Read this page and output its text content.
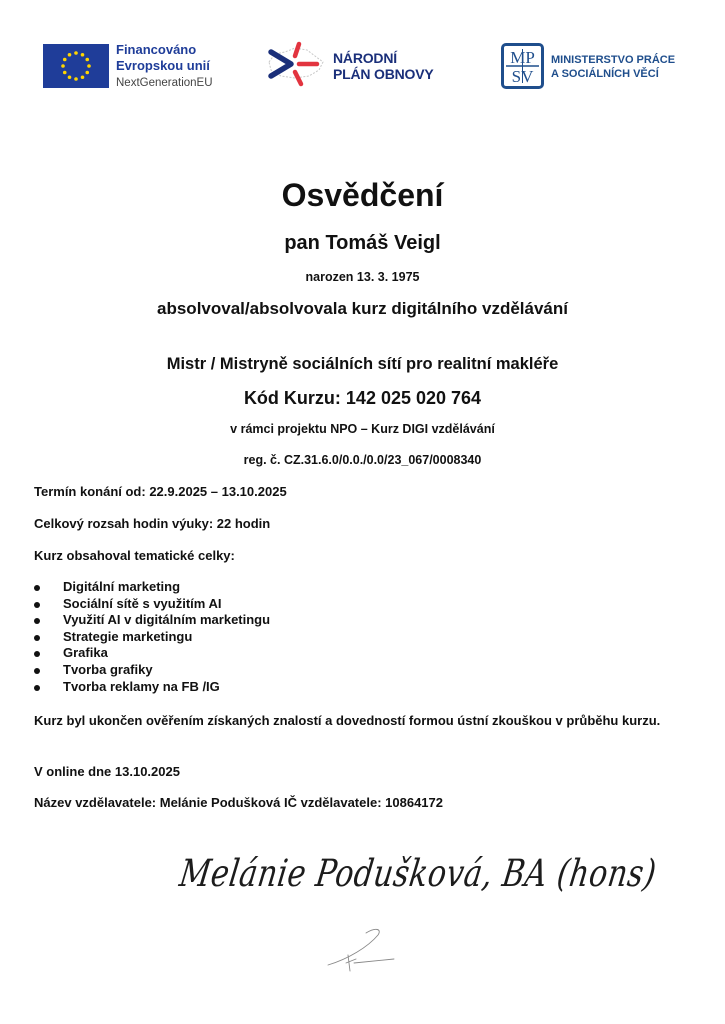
Financováno
Evropskou unií
NextGenerationEU
NÁRODNÍ
PLÁN OBNOVY
MP
SV
MINISTERSTVO PRÁCE
A SOCIÁLNÍCH VĚCÍ
Osvědčení
pan Tomáš Veigl
narozen 13. 3. 1975
absolvoval/absolvovala kurz digitálního vzdělávání
Mistr / Mistryně sociálních sítí pro realitní makléře
Kód Kurzu: 142 025 020 764
v rámci projektu NPO – Kurz DIGI vzdělávání
reg. č. CZ.31.6.0/0.0./0.0/23_067/0008340
Termín konání od: 22.9.2025 – 13.10.2025
Celkový rozsah hodin výuky: 22 hodin
Kurz obsahoval tematické celky:
Digitální marketing
Sociální sítě s využitím AI
Využití AI v digitálním marketingu
Strategie marketingu
Grafika
Tvorba grafiky
Tvorba reklamy na FB /IG
Kurz byl ukončen ověřením získaných znalostí a dovedností formou ústní zkouškou v průběhu kurzu.
V online dne 13.10.2025
Název vzdělavatele: Melánie Podušková IČ vzdělavatele: 10864172
Melánie Podušková, BA (hons)
